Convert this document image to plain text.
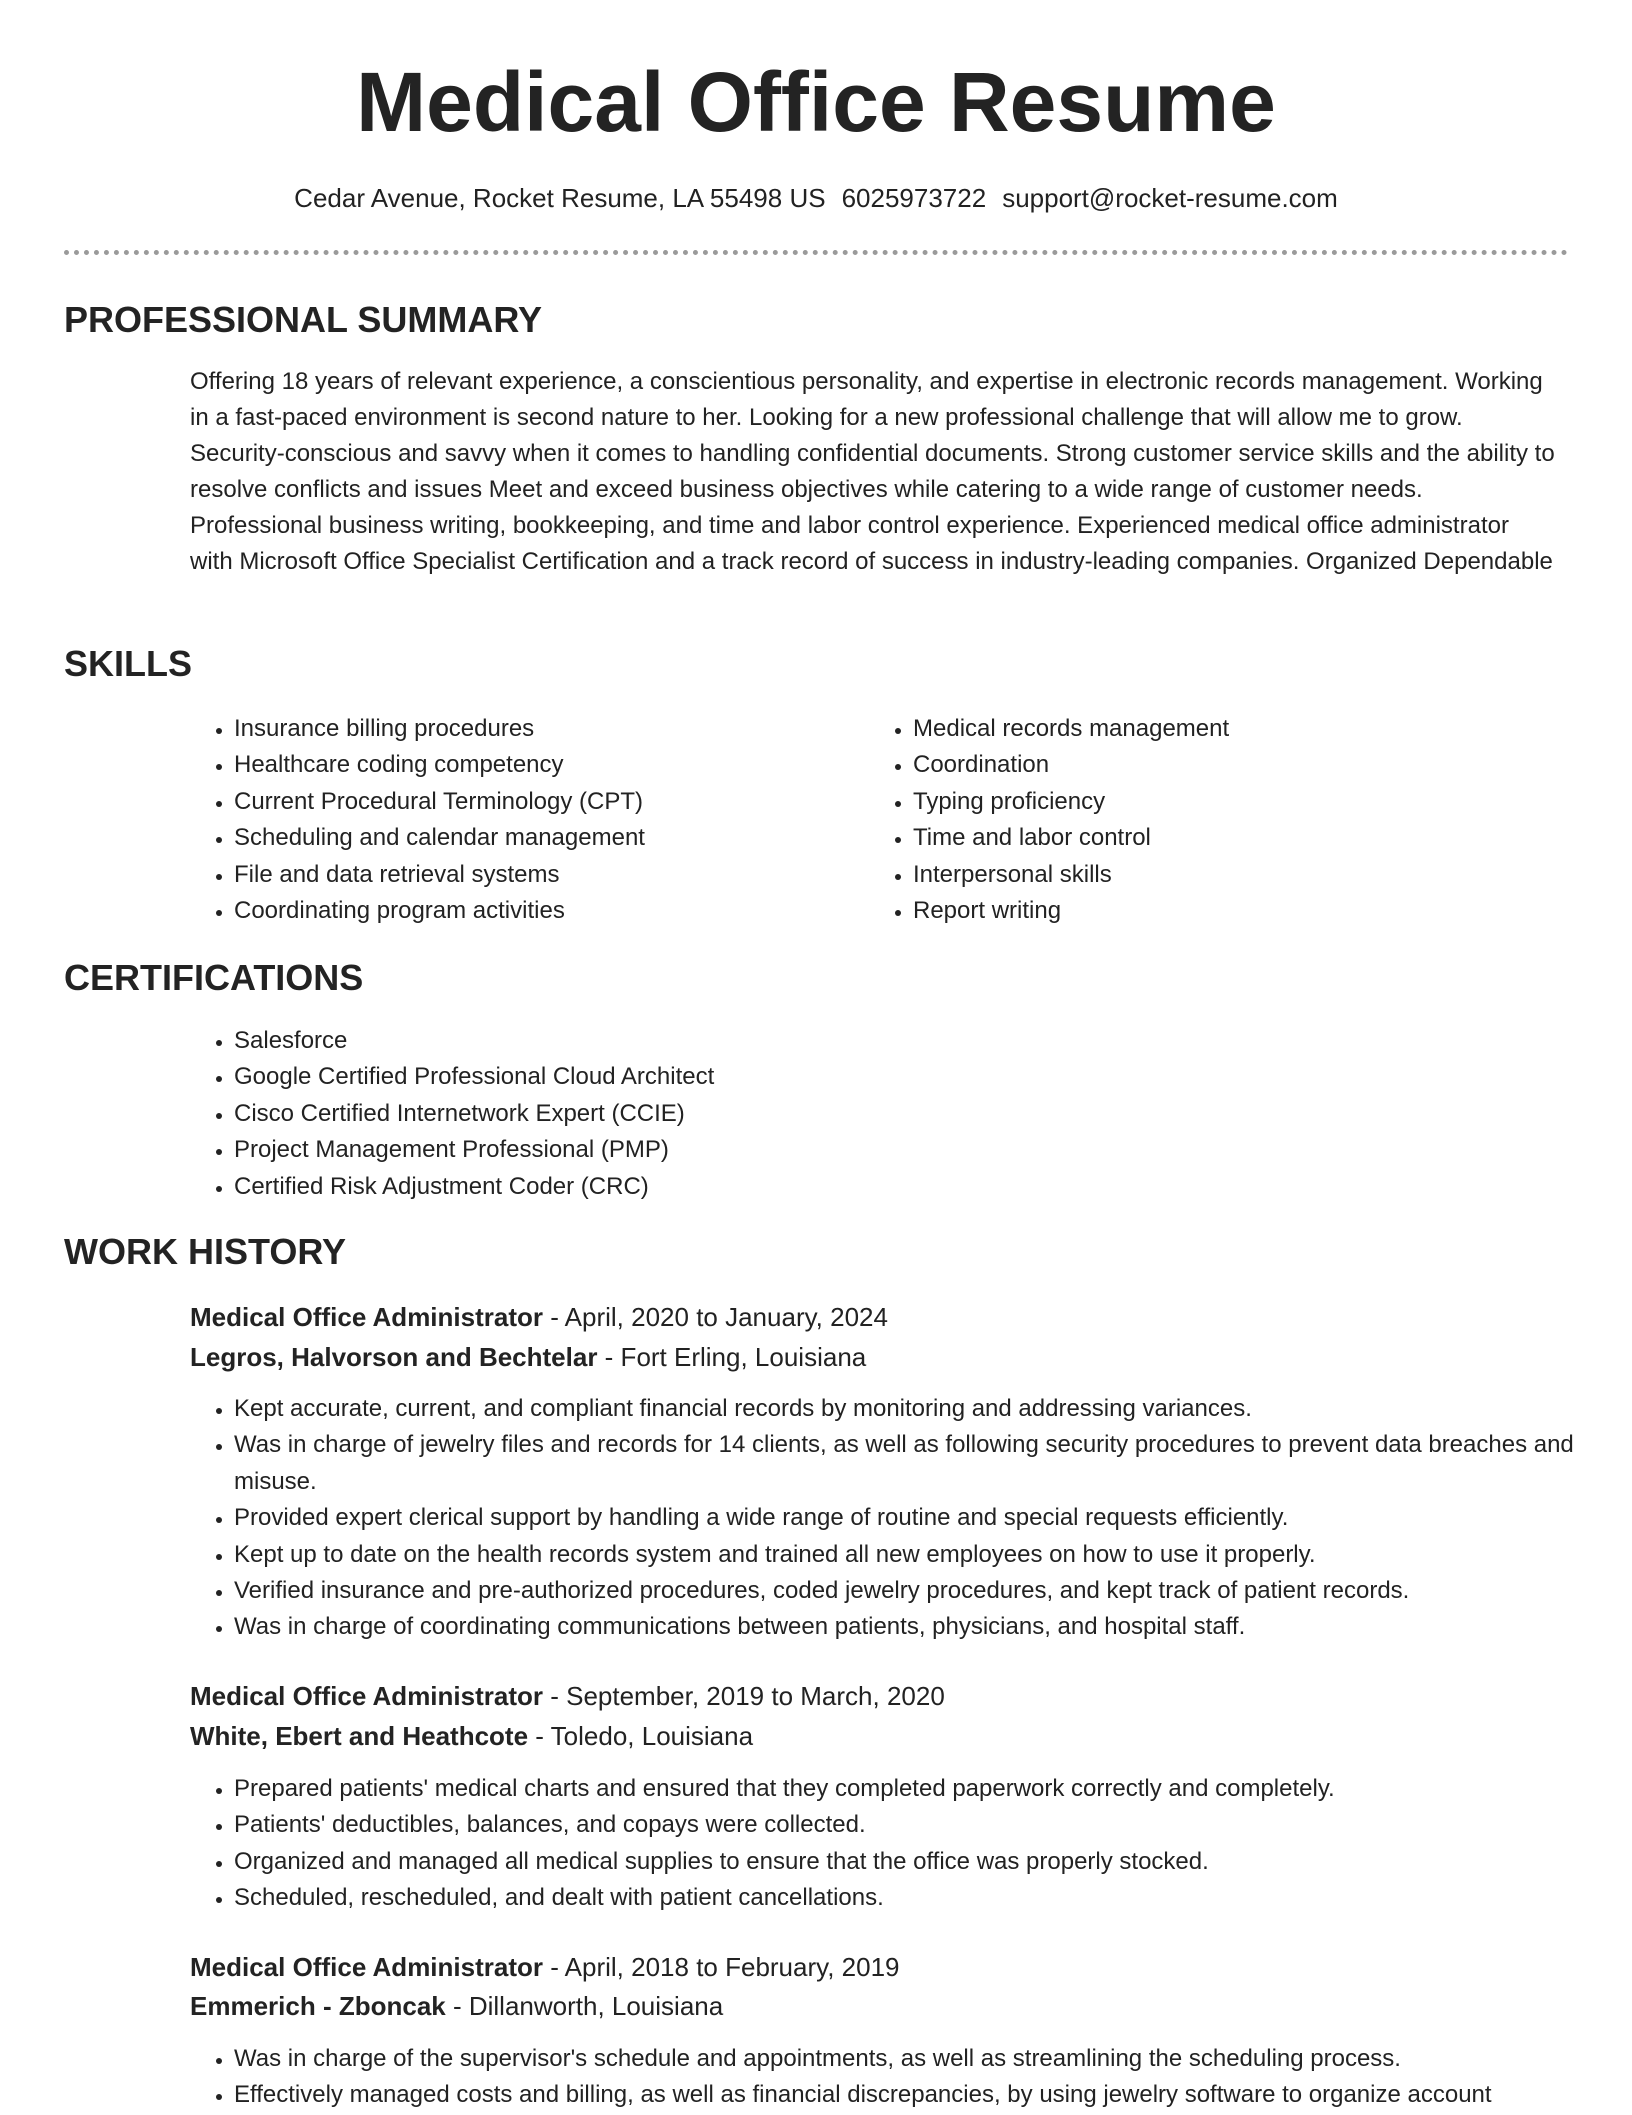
Medical Office Resume
Cedar Avenue, Rocket Resume, LA 55498 US 6025973722 support@rocket-resume.com
PROFESSIONAL SUMMARY

Offering 18 years of relevant experience, a conscientious personality, and expertise in electronic records management. Working in a fast-paced environment is second nature to her. Looking for a new professional challenge that will allow me to grow. Security-conscious and savvy when it comes to handling confidential documents. Strong customer service skills and the ability to resolve conflicts and issues Meet and exceed business objectives while catering to a wide range of customer needs. Professional business writing, bookkeeping, and time and labor control experience. Experienced medical office administrator with Microsoft Office Specialist Certification and a track record of success in industry-leading companies. Organized Dependable

SKILLS
• Insurance billing procedures
• Healthcare coding competency
• Current Procedural Terminology (CPT)
• Scheduling and calendar management
• File and data retrieval systems
• Coordinating program activities
• Medical records management
• Coordination
• Typing proficiency
• Time and labor control
• Interpersonal skills
• Report writing
CERTIFICATIONS
• Salesforce
• Google Certified Professional Cloud Architect
• Cisco Certified Internetwork Expert (CCIE)
• Project Management Professional (PMP)
• Certified Risk Adjustment Coder (CRC)
WORK HISTORY
Medical Office Administrator - April, 2020 to January, 2024
Legros, Halvorson and Bechtelar - Fort Erling, Louisiana
• Kept accurate, current, and compliant financial records by monitoring and addressing variances.
• Was in charge of jewelry files and records for 14 clients, as well as following security procedures to prevent data breaches and misuse.
• Provided expert clerical support by handling a wide range of routine and special requests efficiently.
• Kept up to date on the health records system and trained all new employees on how to use it properly.
• Verified insurance and pre-authorized procedures, coded jewelry procedures, and kept track of patient records.
• Was in charge of coordinating communications between patients, physicians, and hospital staff.
Medical Office Administrator - September, 2019 to March, 2020
White, Ebert and Heathcote - Toledo, Louisiana
• Prepared patients' medical charts and ensured that they completed paperwork correctly and completely.
• Patients' deductibles, balances, and copays were collected.
• Organized and managed all medical supplies to ensure that the office was properly stocked.
• Scheduled, rescheduled, and dealt with patient cancellations.
Medical Office Administrator - April, 2018 to February, 2019
Emmerich - Zboncak - Dillanworth, Louisiana
• Was in charge of the supervisor's schedule and appointments, as well as streamlining the scheduling process.
• Effectively managed costs and billing, as well as financial discrepancies, by using jewelry software to organize account
